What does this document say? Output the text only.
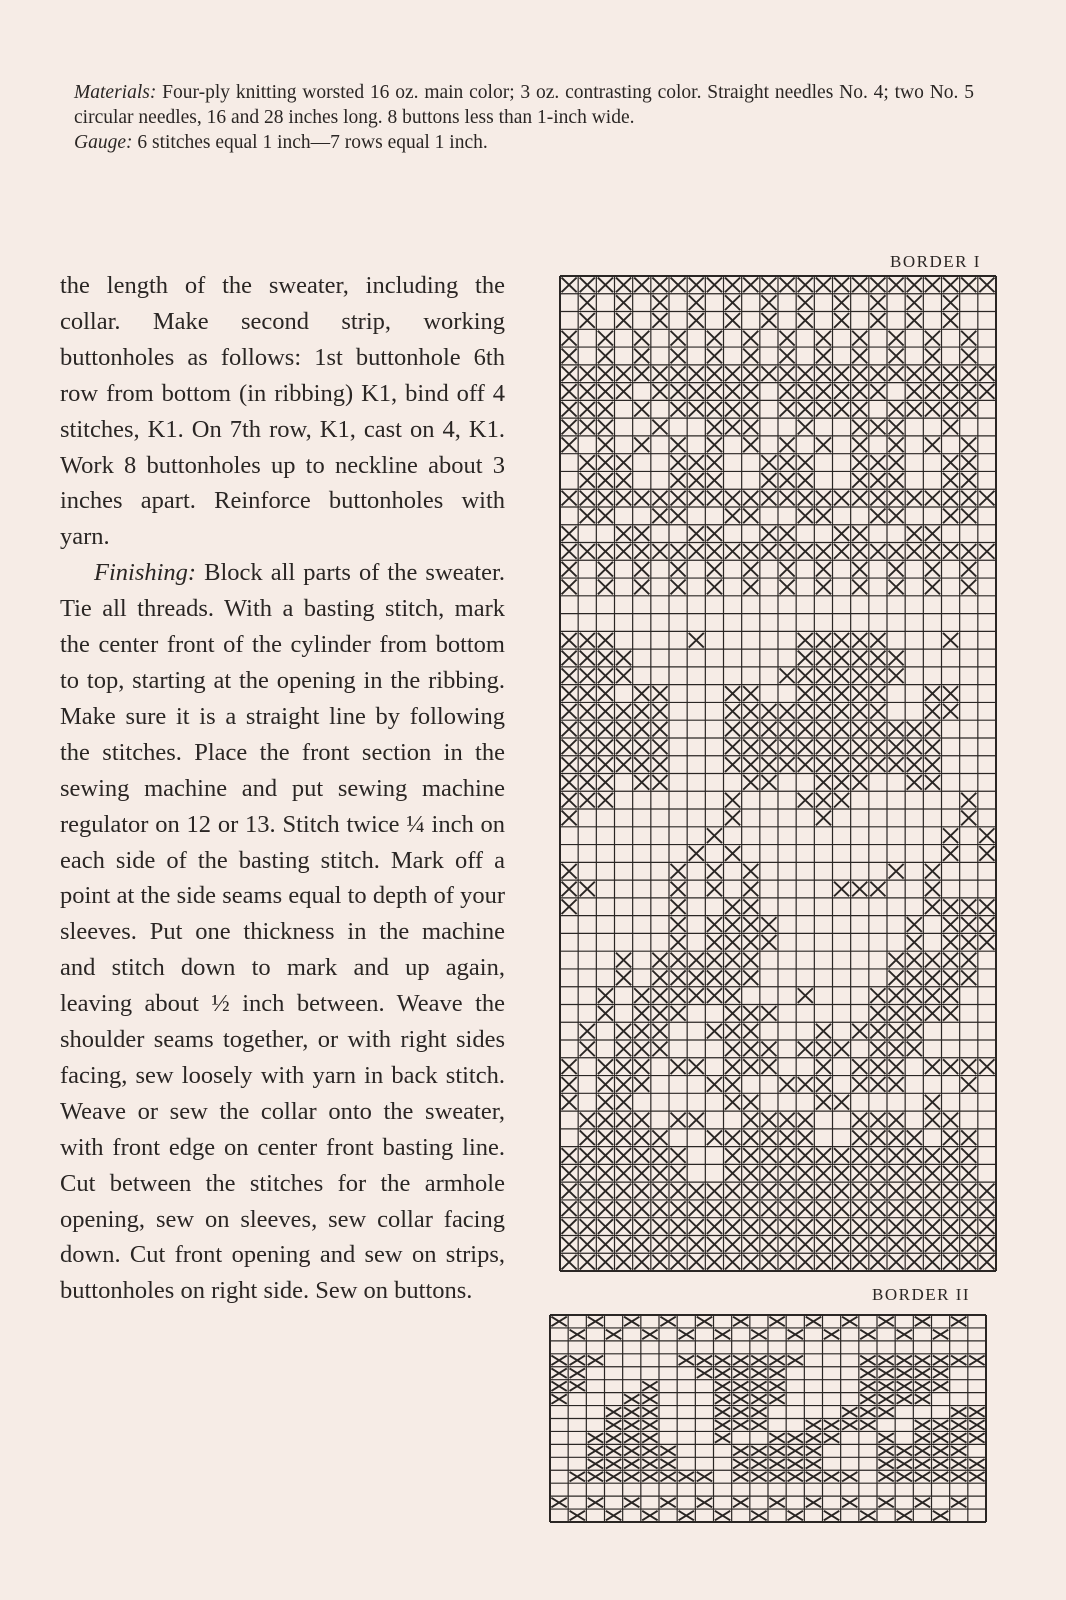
Materials: Four-ply knitting worsted 16 oz. main color; 3 oz. contrasting color. Straight needles No. 4; two No. 5 circular needles, 16 and 28 inches long. 8 buttons less than 1-inch wide.

Gauge: 6 stitches equal 1 inch—7 rows equal 1 inch.

the length of the sweater, including the collar. Make second strip, working buttonholes as follows: 1st buttonhole 6th row from bottom (in ribbing) K1, bind off 4 stitches, K1. On 7th row, K1, cast on 4, K1. Work 8 buttonholes up to neckline about 3 inches apart. Reinforce buttonholes with yarn.

Finishing: Block all parts of the sweater. Tie all threads. With a basting stitch, mark the center front of the cylinder from bottom to top, starting at the opening in the ribbing. Make sure it is a straight line by following the stitches. Place the front section in the sewing machine and put sewing machine regulator on 12 or 13. Stitch twice ¼ inch on each side of the basting stitch. Mark off a point at the side seams equal to depth of your sleeves. Put one thickness in the machine and stitch down to mark and up again, leaving about ½ inch between. Weave the shoulder seams together, or with right sides facing, sew loosely with yarn in back stitch. Weave or sew the collar onto the sweater, with front edge on center front basting line. Cut between the stitches for the armhole opening, sew on sleeves, sew collar facing down. Cut front opening and sew on strips, buttonholes on right side. Sew on buttons.

BORDER I
BORDER II
